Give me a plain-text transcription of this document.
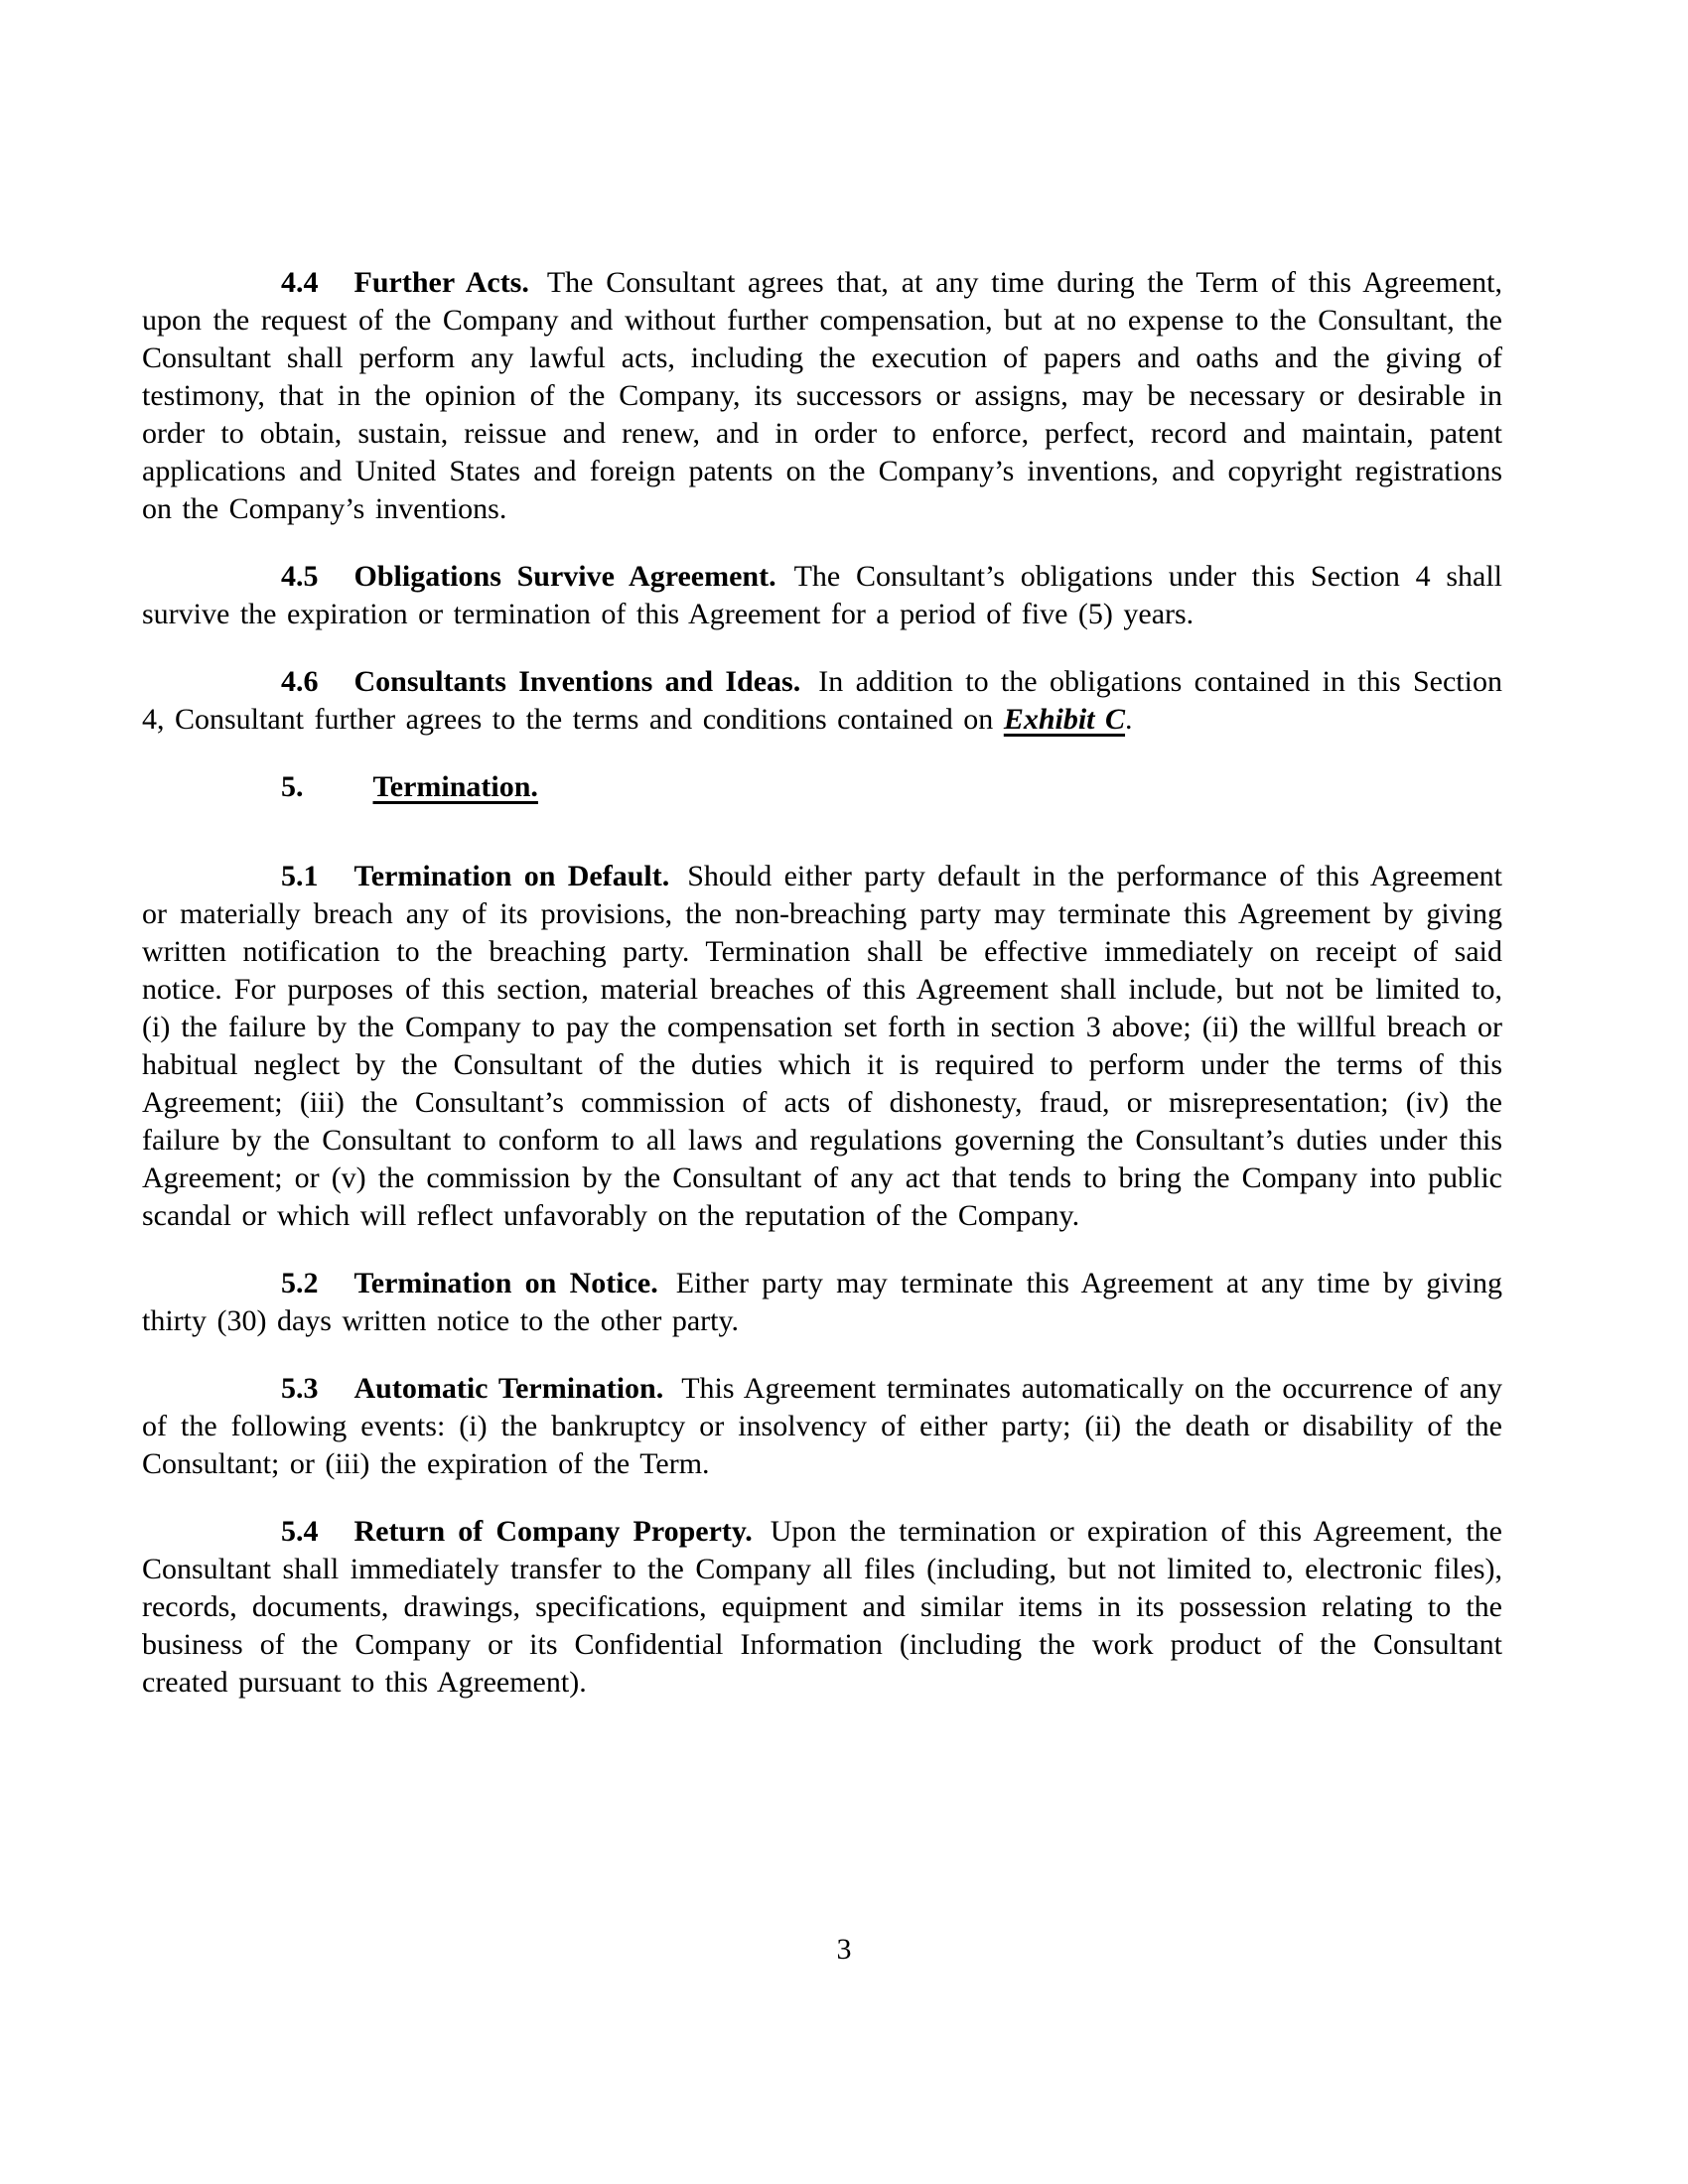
4.4 Further Acts. The Consultant agrees that, at any time during the Term of this Agreement, upon the request of the Company and without further compensation, but at no expense to the Consultant, the Consultant shall perform any lawful acts, including the execution of papers and oaths and the giving of testimony, that in the opinion of the Company, its successors or assigns, may be necessary or desirable in order to obtain, sustain, reissue and renew, and in order to enforce, perfect, record and maintain, patent applications and United States and foreign patents on the Company’s inventions, and copyright registrations on the Company’s inventions.

4.5 Obligations Survive Agreement. The Consultant’s obligations under this Section 4 shall survive the expiration or termination of this Agreement for a period of five (5) years.

4.6 Consultants Inventions and Ideas. In addition to the obligations contained in this Section 4, Consultant further agrees to the terms and conditions contained on Exhibit C.

5. Termination.

5.1 Termination on Default. Should either party default in the performance of this Agreement or materially breach any of its provisions, the non-breaching party may terminate this Agreement by giving written notification to the breaching party. Termination shall be effective immediately on receipt of said notice. For purposes of this section, material breaches of this Agreement shall include, but not be limited to, (i) the failure by the Company to pay the compensation set forth in section 3 above; (ii) the willful breach or habitual neglect by the Consultant of the duties which it is required to perform under the terms of this Agreement; (iii) the Consultant’s commission of acts of dishonesty, fraud, or misrepresentation; (iv) the failure by the Consultant to conform to all laws and regulations governing the Consultant’s duties under this Agreement; or (v) the commission by the Consultant of any act that tends to bring the Company into public scandal or which will reflect unfavorably on the reputation of the Company.

5.2 Termination on Notice. Either party may terminate this Agreement at any time by giving thirty (30) days written notice to the other party.

5.3 Automatic Termination. This Agreement terminates automatically on the occurrence of any of the following events: (i) the bankruptcy or insolvency of either party; (ii) the death or disability of the Consultant; or (iii) the expiration of the Term.

5.4 Return of Company Property. Upon the termination or expiration of this Agreement, the Consultant shall immediately transfer to the Company all files (including, but not limited to, electronic files), records, documents, drawings, specifications, equipment and similar items in its possession relating to the business of the Company or its Confidential Information (including the work product of the Consultant created pursuant to this Agreement).

3
